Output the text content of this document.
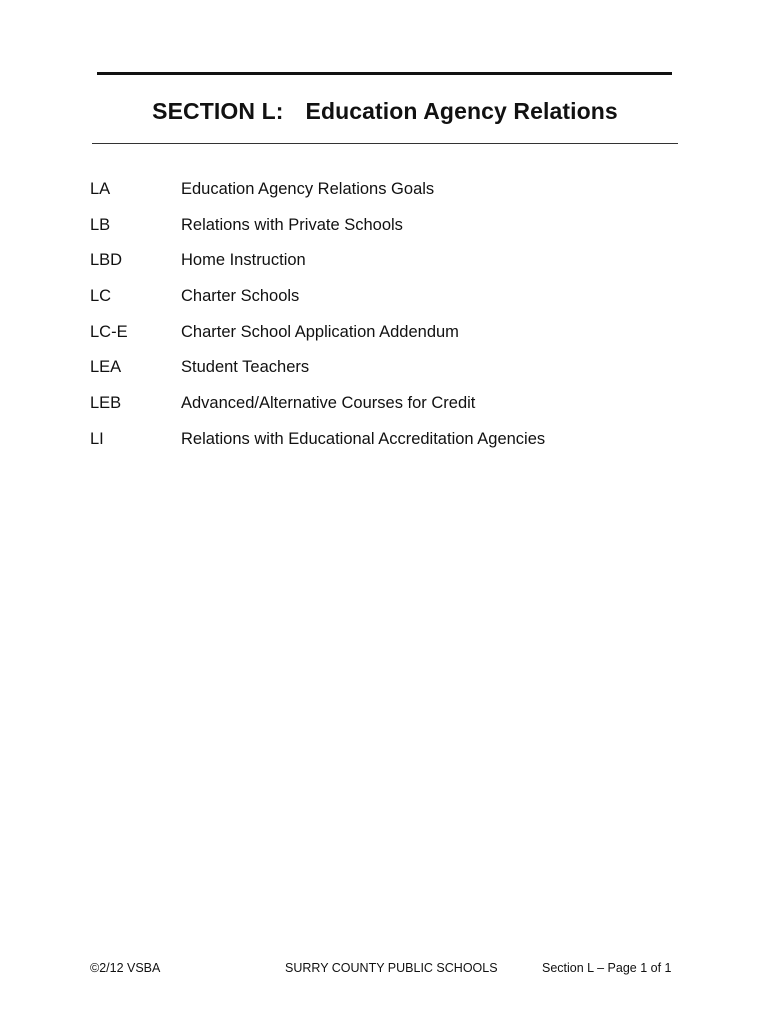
SECTION L: Education Agency Relations
LA	Education Agency Relations Goals
LB	Relations with Private Schools
LBD	Home Instruction
LC	Charter Schools
LC-E	Charter School Application Addendum
LEA	Student Teachers
LEB	Advanced/Alternative Courses for Credit
LI	Relations with Educational Accreditation Agencies
©2/12 VSBA	SURRY COUNTY PUBLIC SCHOOLS	Section L – Page 1 of 1
